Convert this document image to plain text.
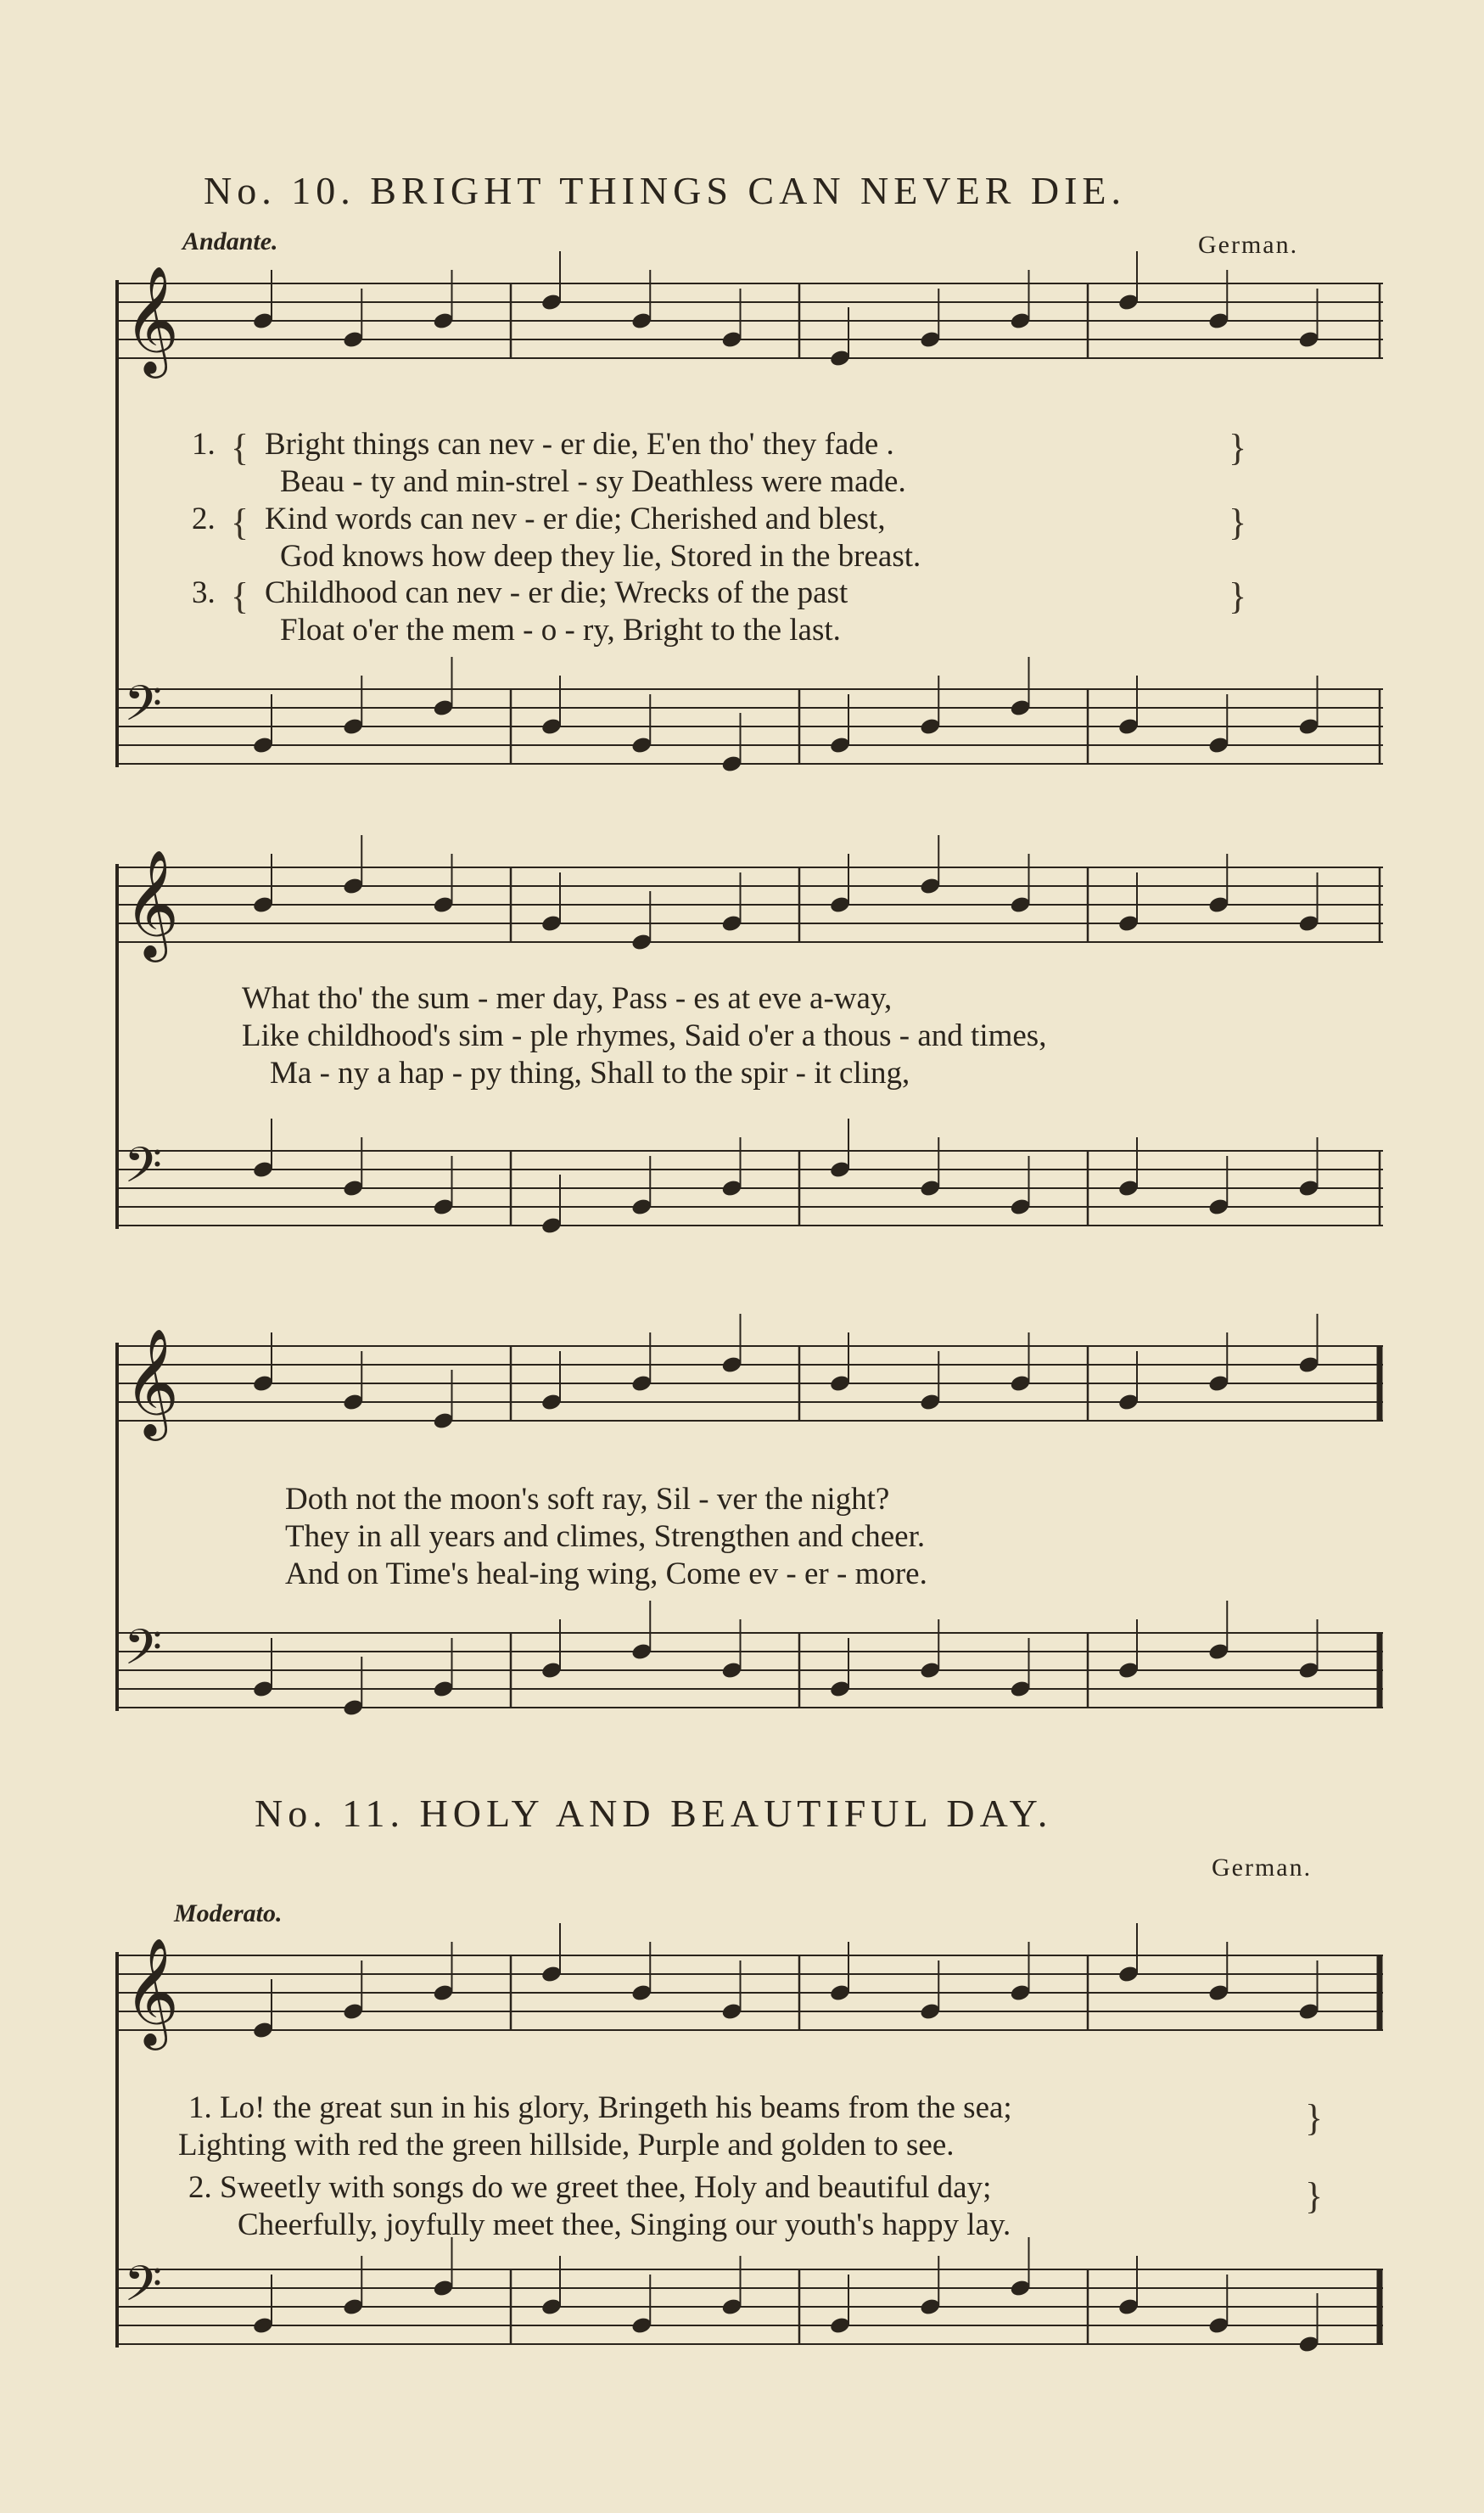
No. 10. BRIGHT THINGS CAN NEVER DIE.
Andante.	German.
𝄞
𝄢
1.
2.
3.
{
{
{
}
}
}
Bright things can nev - er die, E'en tho' they fade .
Beau - ty and min-strel - sy Deathless were made.
Kind words can nev - er die; Cherished and blest,
God knows how deep they lie, Stored in the breast.
Childhood can nev - er die; Wrecks of the past
Float o'er the mem - o - ry, Bright to the last.
𝄞
𝄢
What tho' the sum - mer day, Pass - es at eve a-way,
Like childhood's sim - ple rhymes, Said o'er a thous - and times,
Ma - ny a hap - py thing, Shall to the spir - it cling,
𝄞
𝄢
Doth not the moon's soft ray, Sil - ver the night?
They in all years and climes, Strengthen and cheer.
And on Time's heal-ing wing, Come ev - er - more.
No. 11. HOLY AND BEAUTIFUL DAY.
German.
Moderato.
𝄞
𝄢
1. Lo! the great sun in his glory, Bringeth his beams from the sea;
Lighting with red the green hillside, Purple and golden to see.
2. Sweetly with songs do we greet thee, Holy and beautiful day;
Cheerfully, joyfully meet thee, Singing our youth's happy lay.
}
}
